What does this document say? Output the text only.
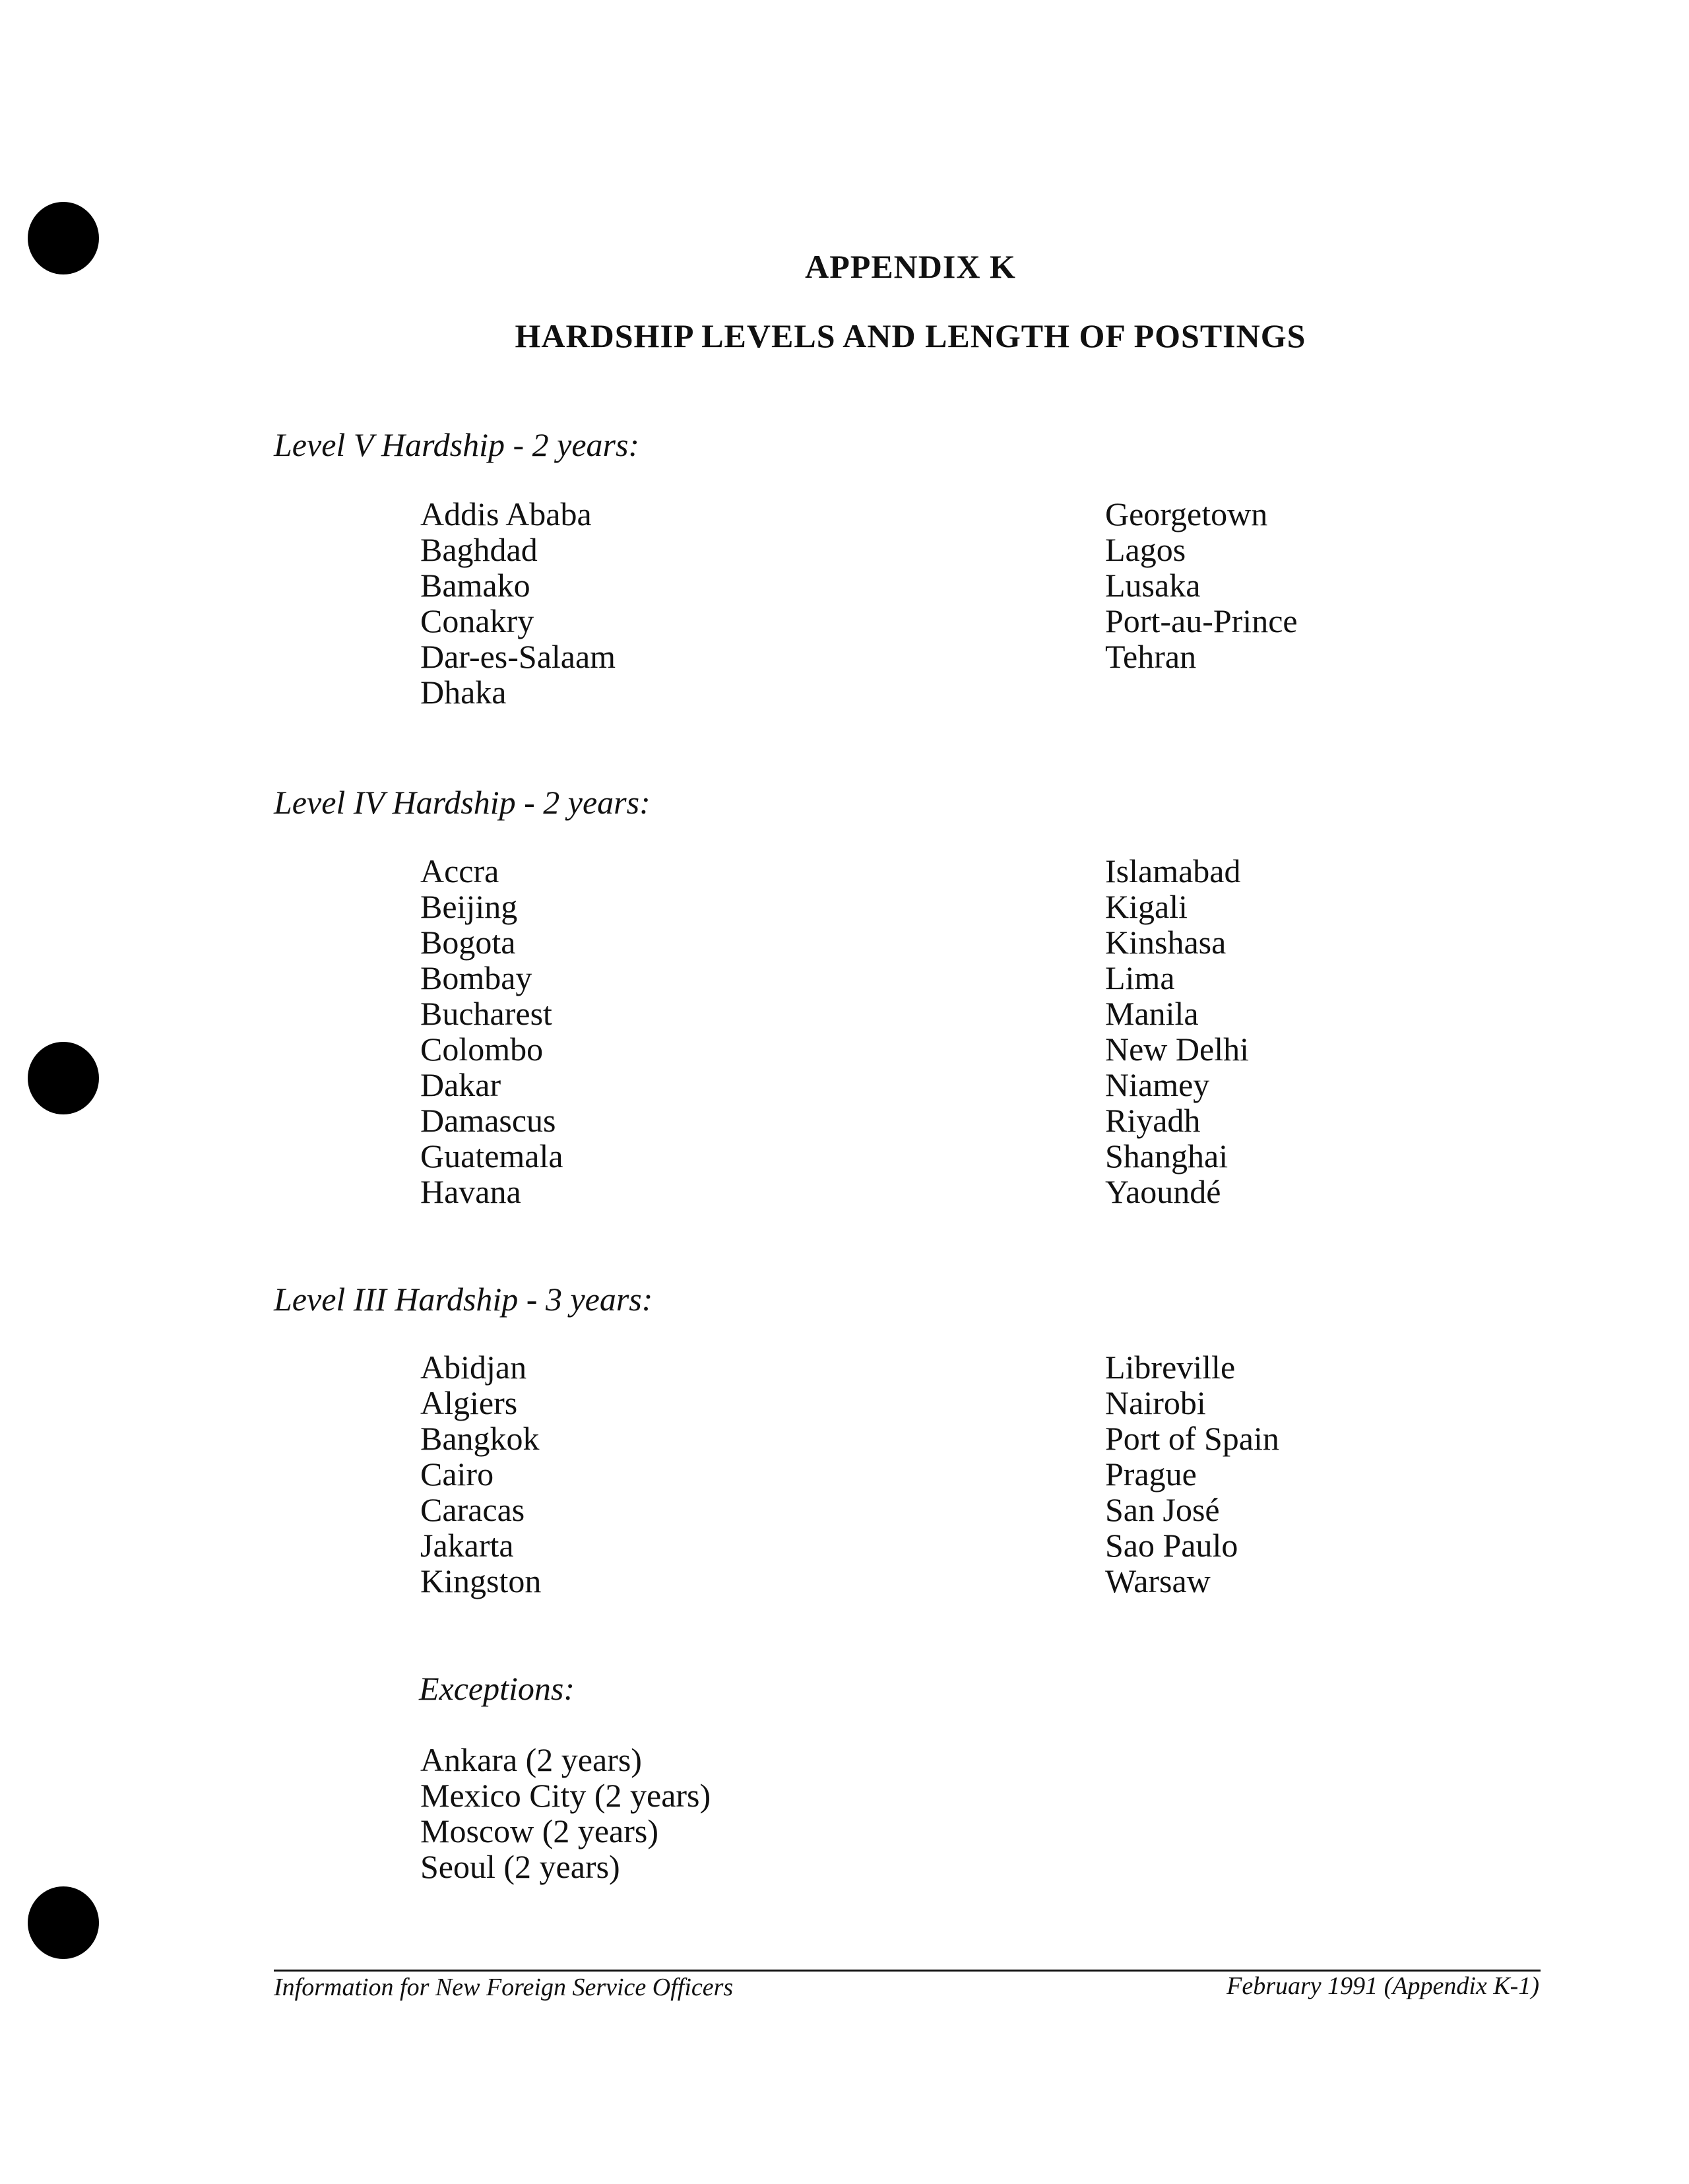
APPENDIX K
HARDSHIP LEVELS AND LENGTH OF POSTINGS

Level V Hardship - 2 years:

Addis Ababa
Baghdad
Bamako
Conakry
Dar-es-Salaam
Dhaka
Georgetown
Lagos
Lusaka
Port-au-Prince
Tehran

Level IV Hardship - 2 years:

Accra
Beijing
Bogota
Bombay
Bucharest
Colombo
Dakar
Damascus
Guatemala
Havana
Islamabad
Kigali
Kinshasa
Lima
Manila
New Delhi
Niamey
Riyadh
Shanghai
Yaoundé

Level III Hardship - 3 years:

Abidjan
Algiers
Bangkok
Cairo
Caracas
Jakarta
Kingston
Libreville
Nairobi
Port of Spain
Prague
San José
Sao Paulo
Warsaw

Exceptions:

Ankara (2 years)
Mexico City (2 years)
Moscow (2 years)
Seoul (2 years)

Information for New Foreign Service Officers	February 1991 (Appendix K-1)
